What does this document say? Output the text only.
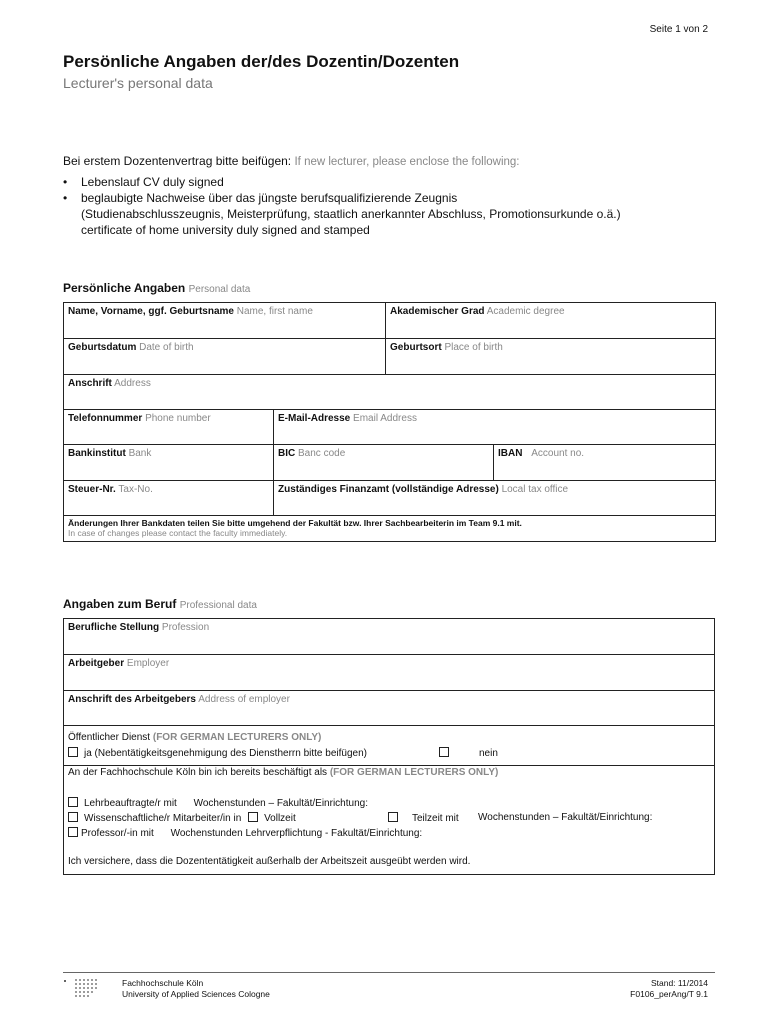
Seite 1 von 2
Persönliche Angaben der/des Dozentin/Dozenten
Lecturer's personal data
Bei erstem Dozentenvertrag bitte beifügen: If new lecturer, please enclose the following:
• Lebenslauf CV duly signed
• beglaubigte Nachweise über das jüngste berufsqualifizierende Zeugnis
(Studienabschlusszeugnis, Meisterprüfung, staatlich anerkannter Abschluss, Promotionsurkunde o.ä.)
certificate of home university duly signed and stamped
Persönliche Angaben Personal data
Name, Vorname, ggf. Geburtsname Name, first name		Akademischer Grad Academic degree	
Geburtsdatum Date of birth		Geburtsort Place of birth	
Anschrift Address			
Telefonnummer Phone number	E-Mail-Adresse Email Address		
Bankinstitut Bank	BIC Banc code		IBAN Account no.
Steuer-Nr. Tax-No.	Zuständiges Finanzamt (vollständige Adresse) Local tax office		

Änderungen Ihrer Bankdaten teilen Sie bitte umgehend der Fakultät bzw. Ihrer Sachbearbeiterin im Team 9.1 mit.
In case of changes please contact the faculty immediately.			
Angaben zum Beruf Professional data
Berufliche Stellung Profession
Arbeitgeber Employer
Anschrift des Arbeitgebers Address of employer

Öffentlicher Dienst (FOR GERMAN LECTURERS ONLY)
ja (Nebentätigkeitsgenehmigung des Dienstherrn bitte beifügen)	nein

An der Fachhochschule Köln bin ich bereits beschäftigt als (FOR GERMAN LECTURERS ONLY)
Lehrbeauftragte/r mit Wochenstunden – Fakultät/Einrichtung:
Wissenschaftliche/r Mitarbeiter/in in Vollzeit	Teilzeit mit Wochenstunden – Fakultät/Einrichtung:
Professor/-in mit Wochenstunden Lehrverpflichtung - Fakultät/Einrichtung:
Ich versichere, dass die Dozententätigkeit außerhalb der Arbeitszeit ausgeübt werden wird.
Fachhochschule Köln
University of Applied Sciences Cologne
Stand: 11/2014
F0106_perAng/T 9.1
